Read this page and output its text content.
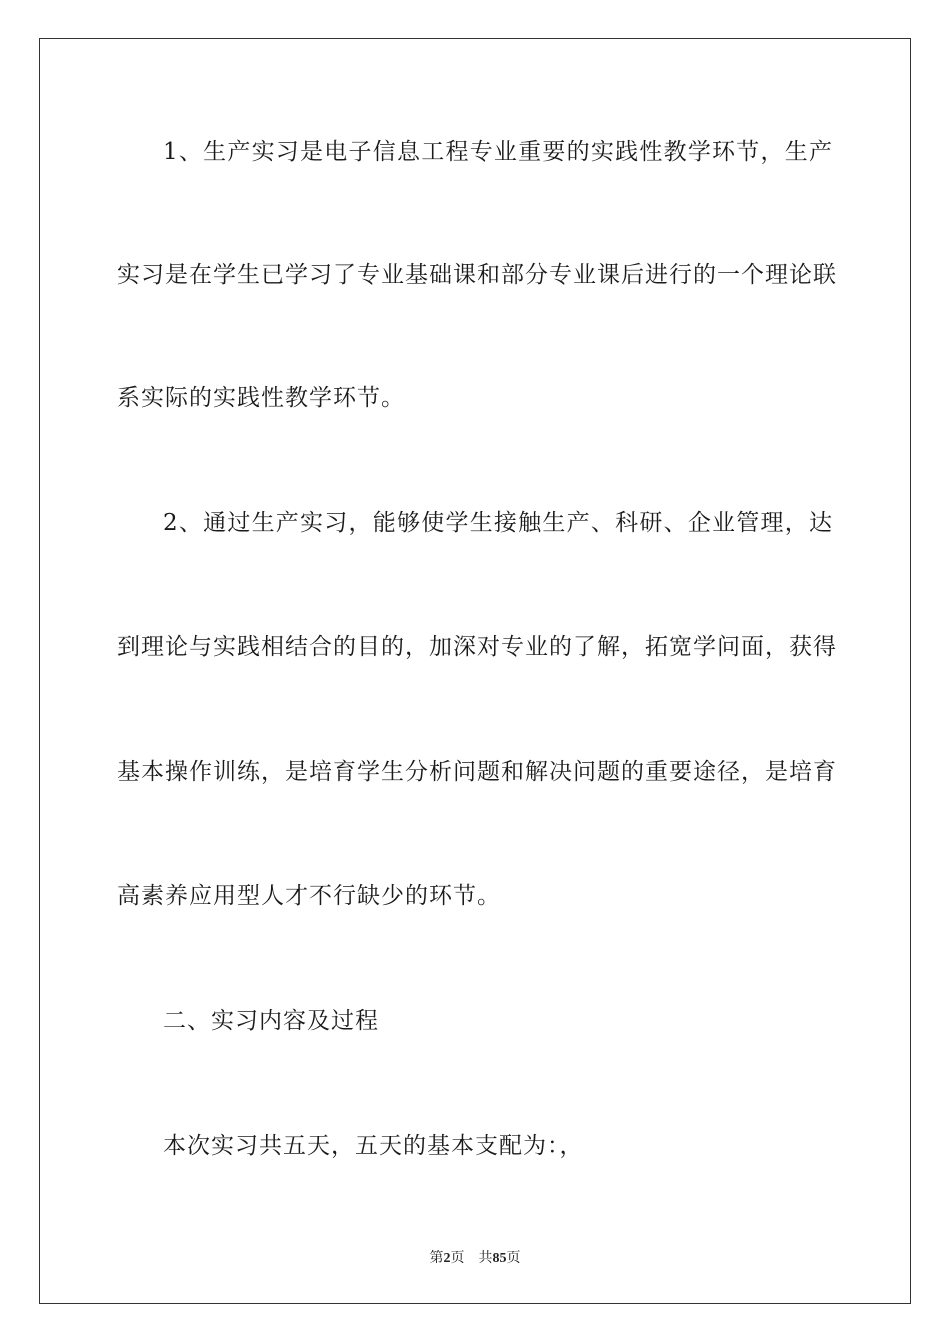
1、生产实习是电子信息工程专业重要的实践性教学环节，生产
实习是在学生已学习了专业基础课和部分专业课后进行的一个理论联
系实际的实践性教学环节。
2、通过生产实习，能够使学生接触生产、科研、企业管理，达
到理论与实践相结合的目的，加深对专业的了解，拓宽学问面，获得
基本操作训练，是培育学生分析问题和解决问题的重要途径，是培育
高素养应用型人才不行缺少的环节。
二、实习内容及过程
本次实习共五天，五天的基本支配为：，
第2页 共85页
